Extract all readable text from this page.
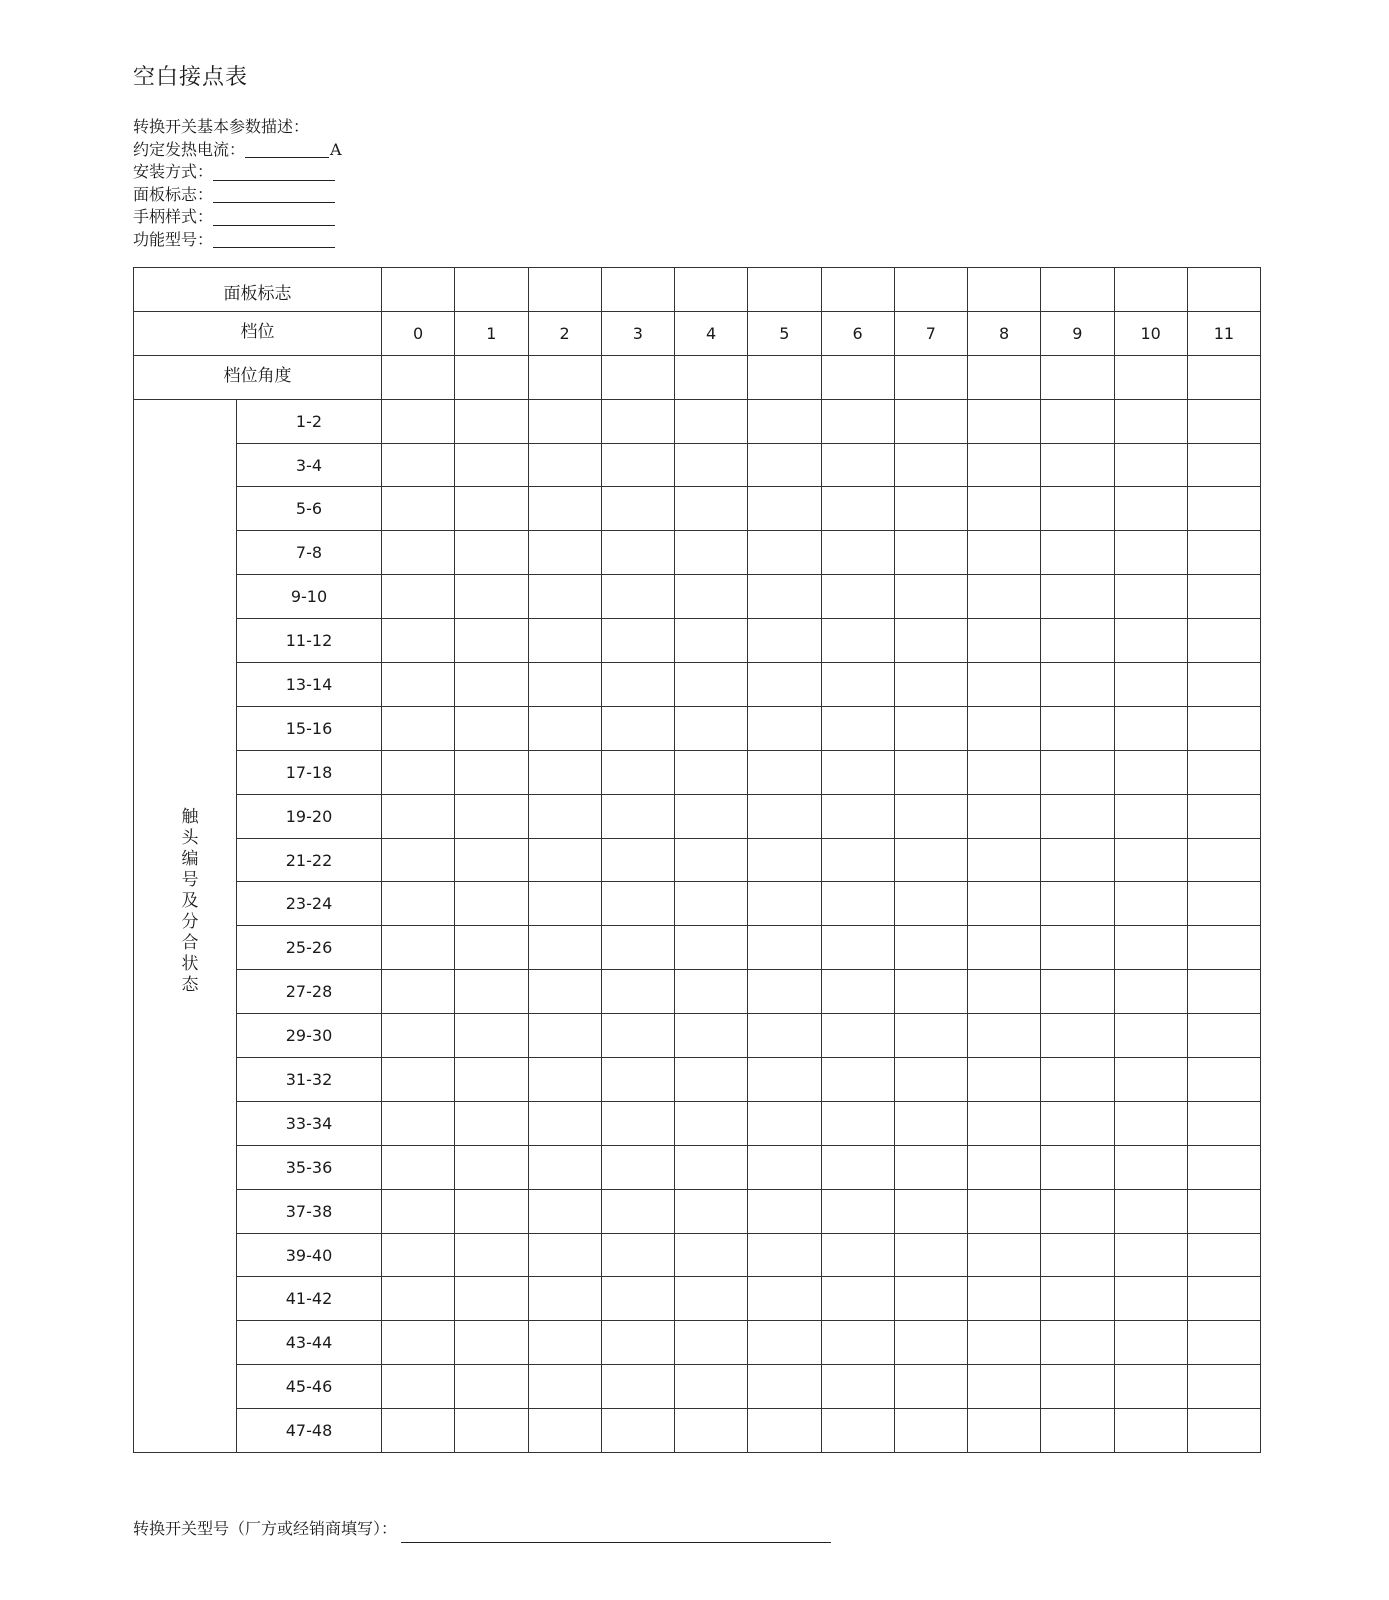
空白接点表
转换开关基本参数描述：
约定发热电流：	A
安装方式：
面板标志：
手柄样式：
功能型号：
面板标志													
档位		0	1	2	3	4	5	6	7	8	9	10	11
档位角度													
触头编号及分合状态	1-2												
	3-4												
	5-6												
	7-8												
	9-10												
	11-12												
	13-14												
	15-16												
	17-18												
	19-20												
	21-22												
	23-24												
	25-26												
	27-28												
	29-30												
	31-32												
	33-34												
	35-36												
	37-38												
	39-40												
	41-42												
	43-44												
	45-46												
	47-48												
转换开关型号（厂方或经销商填写）：
